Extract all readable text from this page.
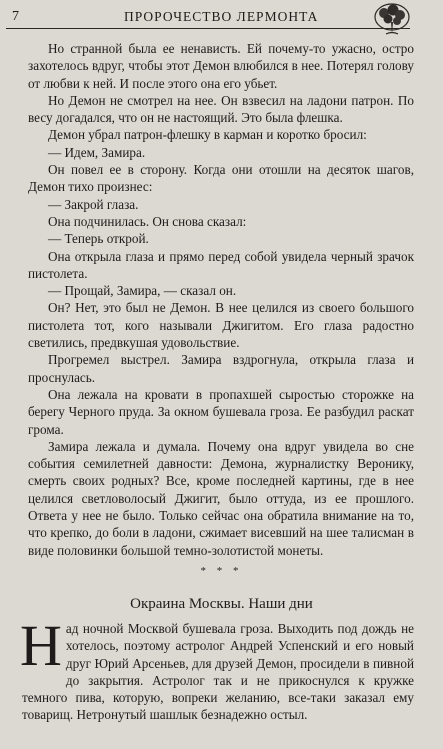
7	ПРОРОЧЕСТВО ЛЕРМОНТА

Но странной была ее ненависть. Ей почему-то ужасно, остро захотелось вдруг, чтобы этот Демон влюбился в нее. Потерял голову от любви к ней. И после этого она его убьет.

Но Демон не смотрел на нее. Он взвесил на ладони патрон. По весу догадался, что он не настоящий. Это была флешка.

Демон убрал патрон-флешку в карман и коротко бросил:

— Идем, Замира.

Он повел ее в сторону. Когда они отошли на десяток шагов, Демон тихо произнес:

— Закрой глаза.

Она подчинилась. Он снова сказал:

— Теперь открой.

Она открыла глаза и прямо перед собой увидела черный зрачок пистолета.

— Прощай, Замира, — сказал он.

Он? Нет, это был не Демон. В нее целился из своего большого пистолета тот, кого называли Джигитом. Его глаза радостно светились, предвкушая удовольствие.

Прогремел выстрел. Замира вздрогнула, открыла глаза и проснулась.

Она лежала на кровати в пропахшей сыростью сторожке на берегу Черного пруда. За окном бушевала гроза. Ее разбудил раскат грома.

Замира лежала и думала. Почему она вдруг увидела во сне события семилетней давности: Демона, журналистку Веронику, смерть своих родных? Все, кроме последней картины, где в нее целился светловолосый Джигит, было оттуда, из ее прошлого. Ответа у нее не было. Только сейчас она обратила внимание на то, что крепко, до боли в ладони, сжимает висевший на шее талисман в виде половинки большой темно-золотистой монеты.

* * *
Окраина Москвы. Наши дни

Над ночной Москвой бушевала гроза. Выходить под дождь не хотелось, поэтому астролог Андрей Успенский и его новый друг Юрий Арсеньев, для друзей Демон, просидели в пивной до закрытия. Астролог так и не прикоснулся к кружке темного пива, которую, вопреки желанию, все-таки заказал ему товарищ. Нетронутый шашлык безнадежно остыл.
